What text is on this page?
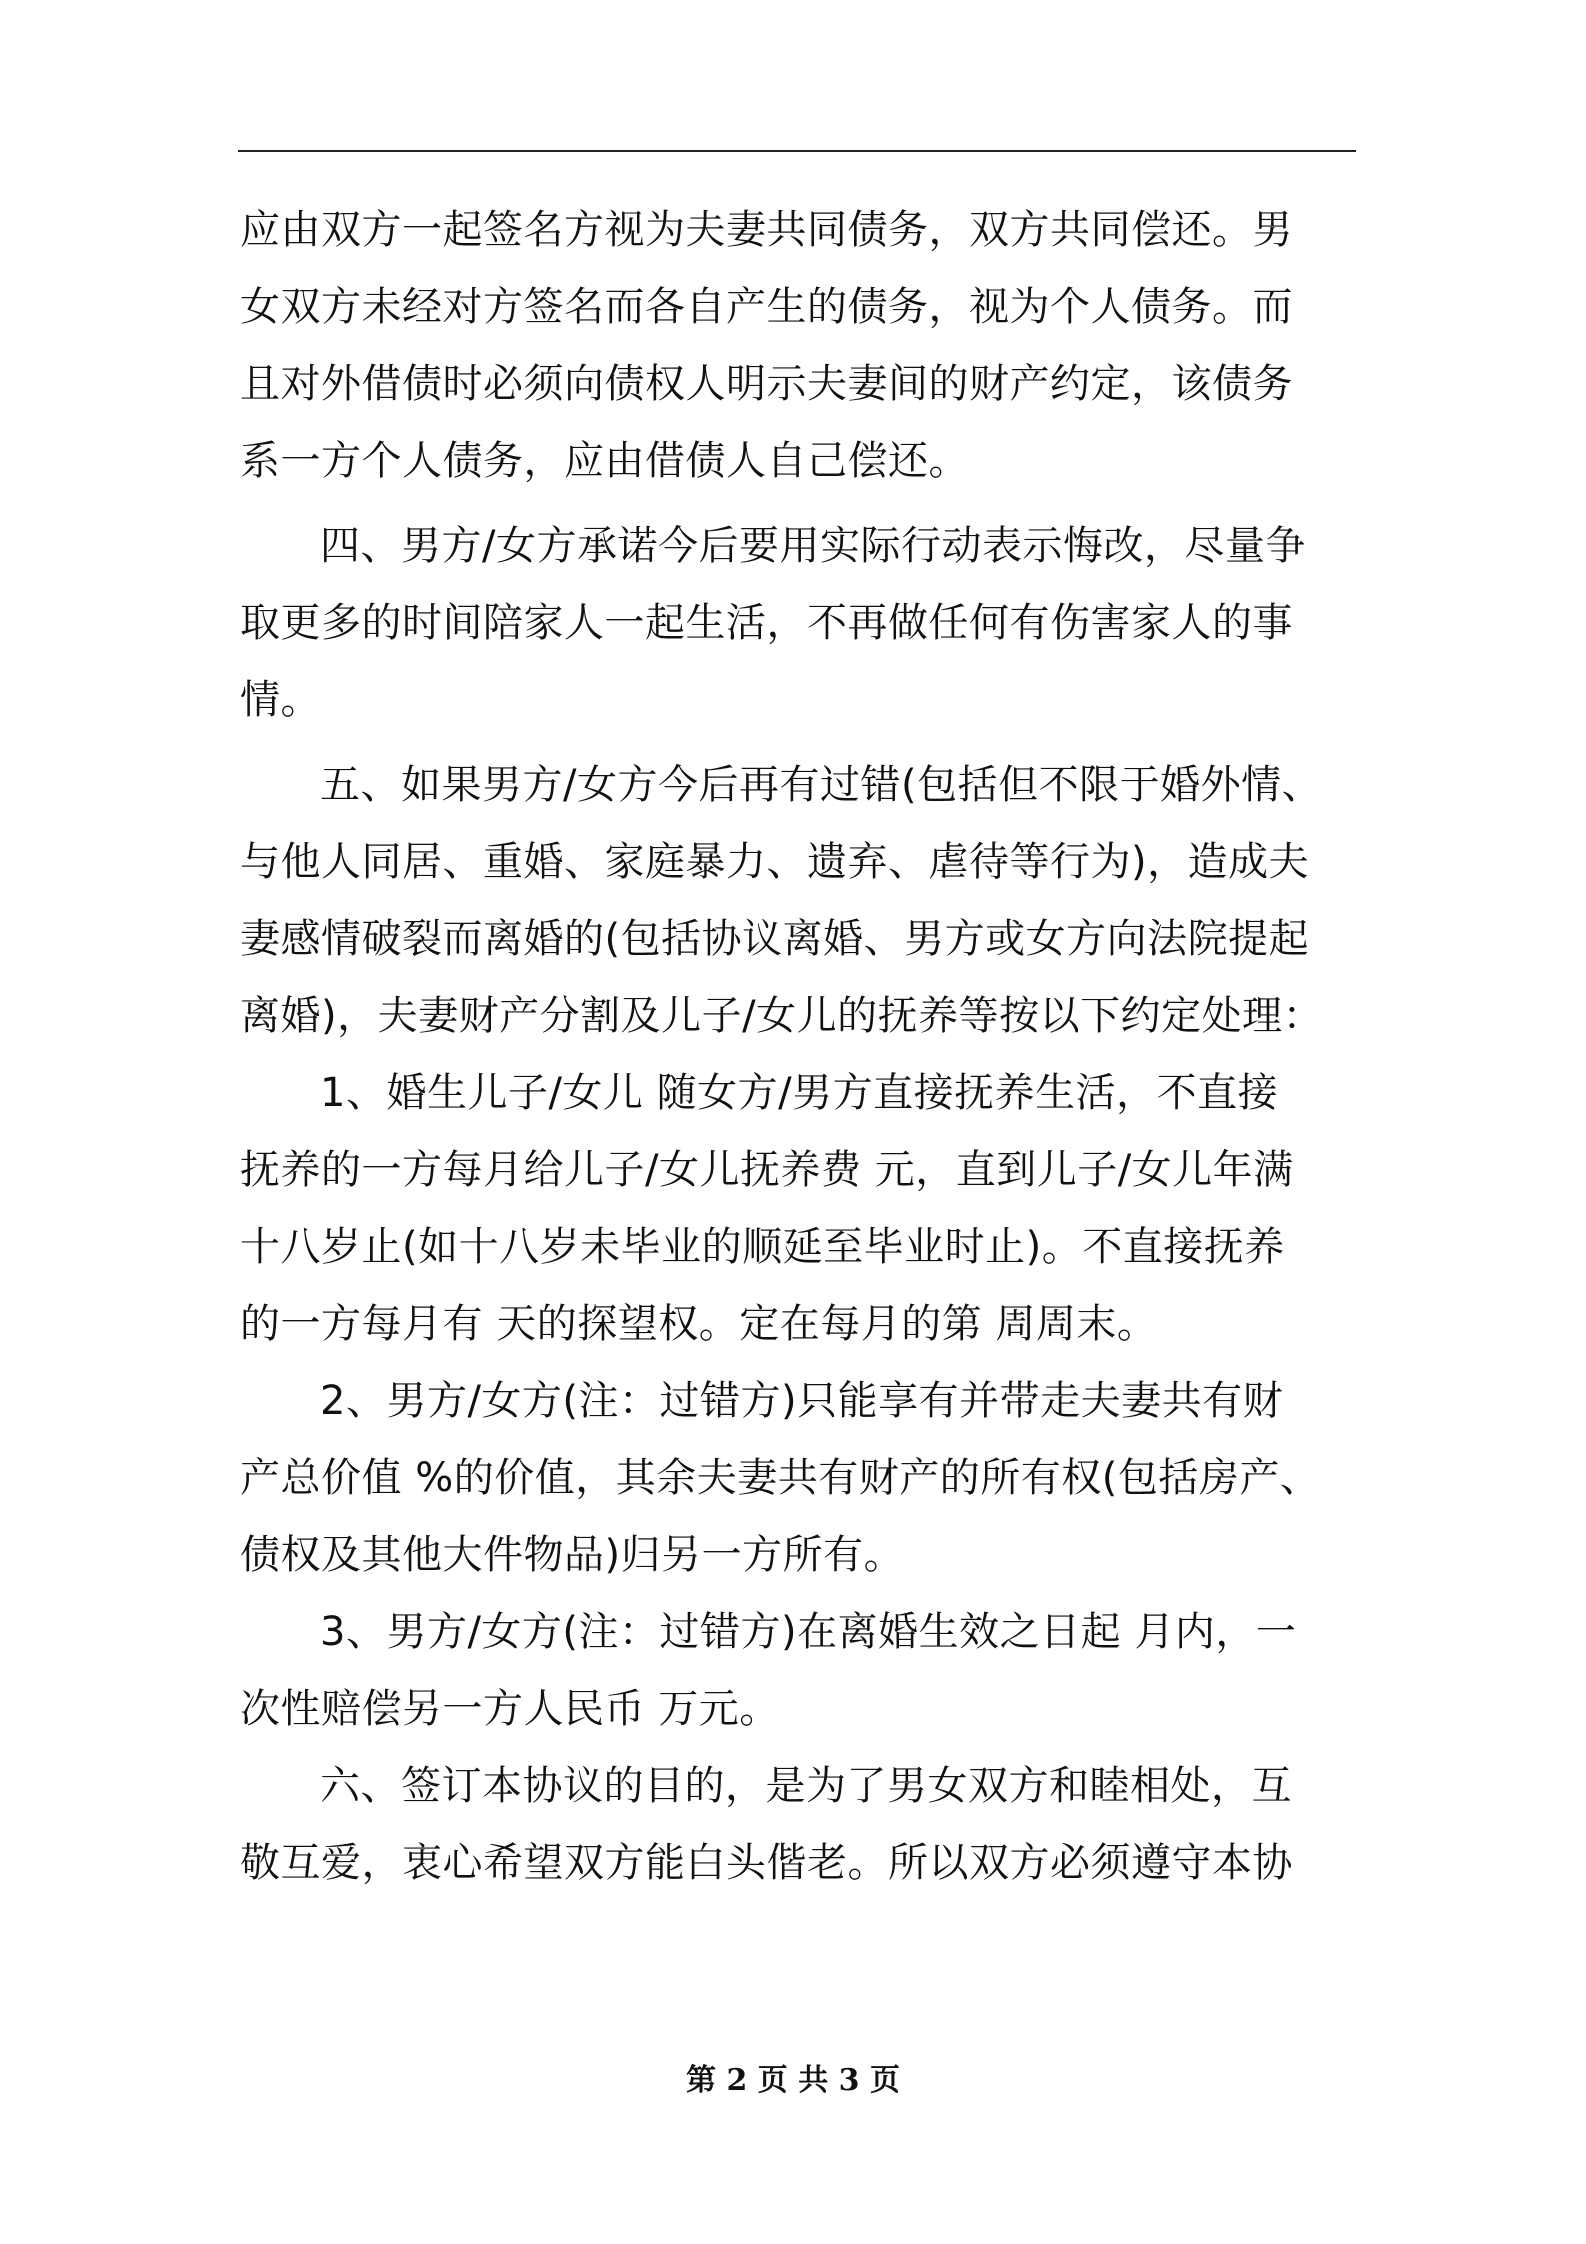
应由双方一起签名方视为夫妻共同债务，双方共同偿还。男
女双方未经对方签名而各自产生的债务，视为个人债务。而
且对外借债时必须向债权人明示夫妻间的财产约定，该债务
系一方个人债务，应由借债人自己偿还。
四、男方/女方承诺今后要用实际行动表示悔改，尽量争
取更多的时间陪家人一起生活，不再做任何有伤害家人的事
情。
五、如果男方/女方今后再有过错(包括但不限于婚外情、
与他人同居、重婚、家庭暴力、遗弃、虐待等行为)，造成夫
妻感情破裂而离婚的(包括协议离婚、男方或女方向法院提起
离婚)，夫妻财产分割及儿子/女儿的抚养等按以下约定处理：
1、婚生儿子/女儿 随女方/男方直接抚养生活，不直接
抚养的一方每月给儿子/女儿抚养费 元，直到儿子/女儿年满
十八岁止(如十八岁未毕业的顺延至毕业时止)。不直接抚养
的一方每月有 天的探望权。定在每月的第 周周末。
2、男方/女方(注：过错方)只能享有并带走夫妻共有财
产总价值 %的价值，其余夫妻共有财产的所有权(包括房产、
债权及其他大件物品)归另一方所有。
3、男方/女方(注：过错方)在离婚生效之日起 月内，一
次性赔偿另一方人民币 万元。
六、签订本协议的目的，是为了男女双方和睦相处，互
敬互爱，衷心希望双方能白头偕老。所以双方必须遵守本协
第 2 页 共 3 页
